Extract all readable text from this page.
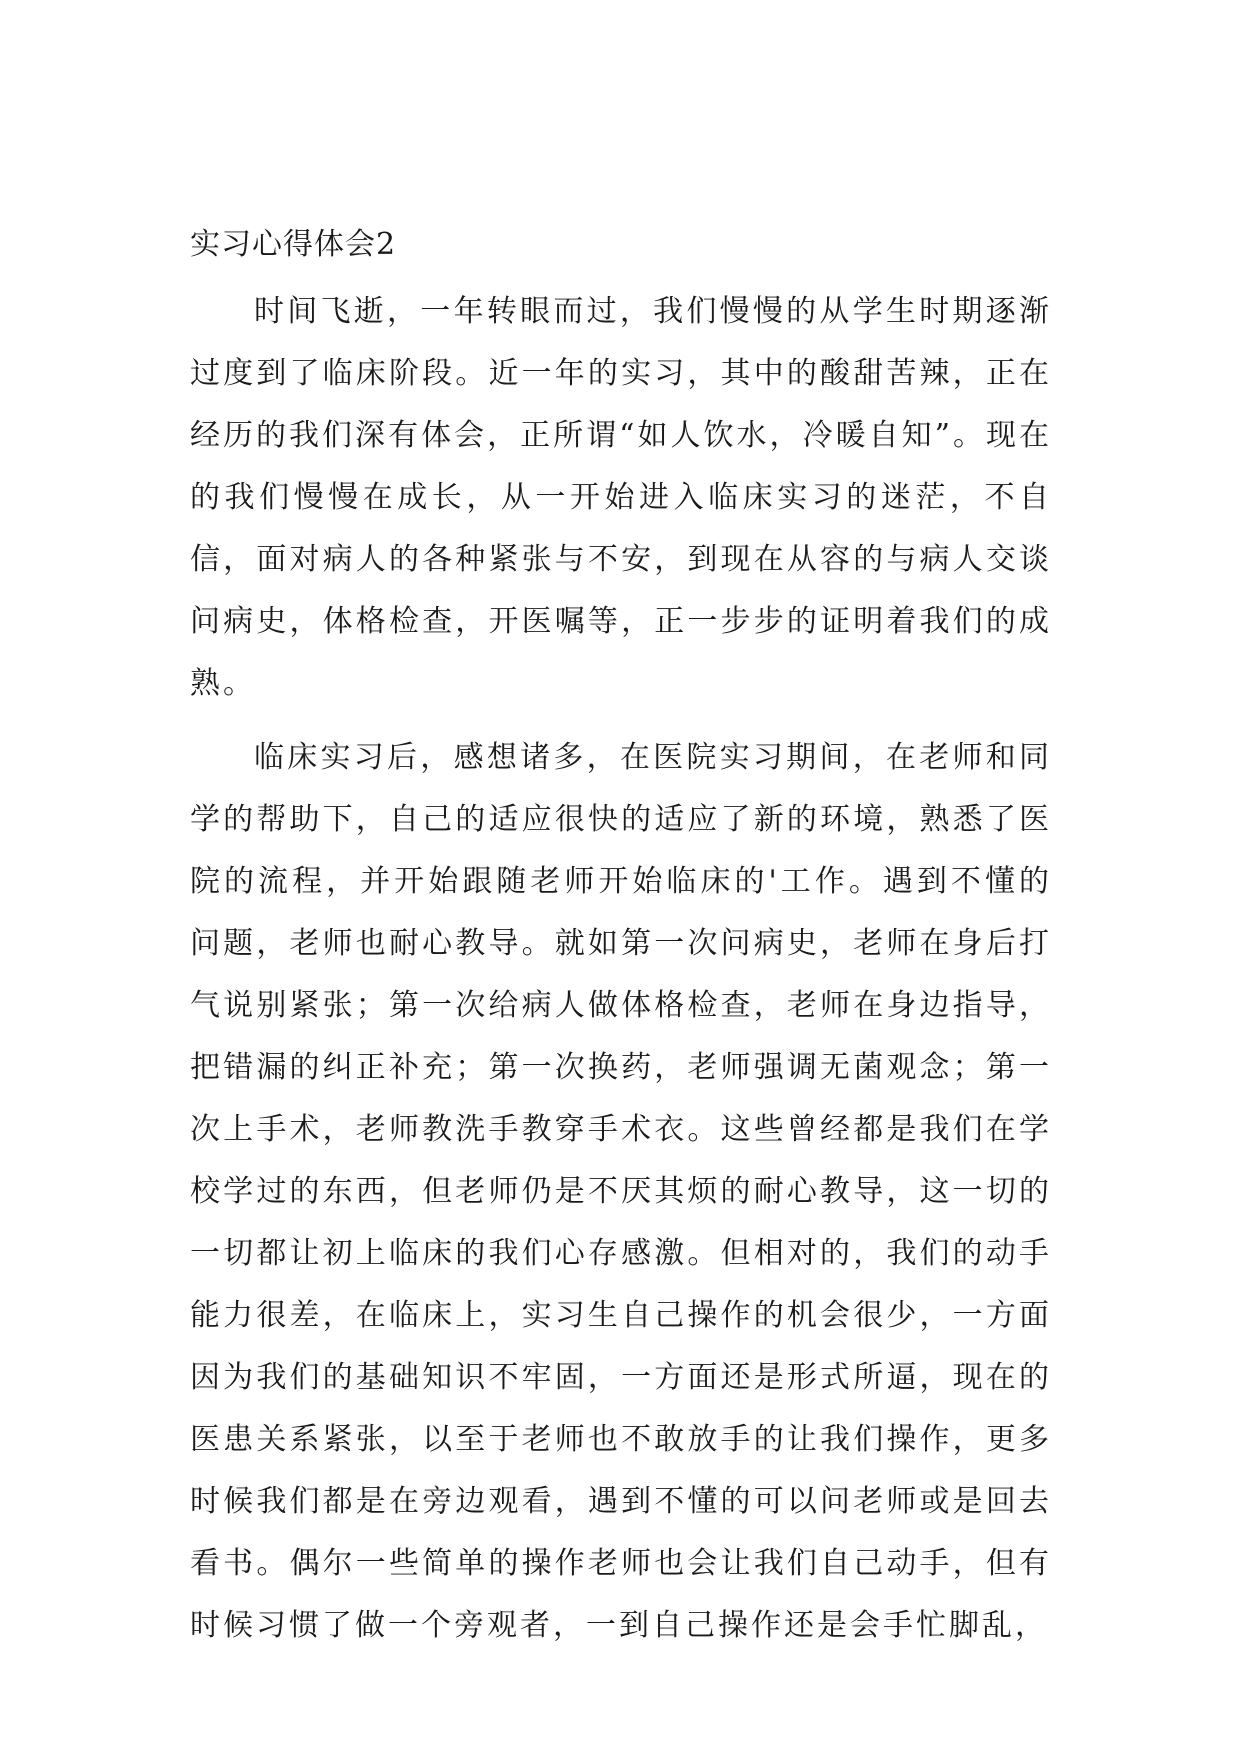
实习心得体会2

时间飞逝，一年转眼而过，我们慢慢的从学生时期逐渐过度到了临床阶段。近一年的实习，其中的酸甜苦辣，正在经历的我们深有体会，正所谓“如人饮水，冷暖自知”。现在的我们慢慢在成长，从一开始进入临床实习的迷茫，不自信，面对病人的各种紧张与不安，到现在从容的与病人交谈问病史，体格检查，开医嘱等，正一步步的证明着我们的成熟。

临床实习后，感想诸多，在医院实习期间，在老师和同学的帮助下，自己的适应很快的适应了新的环境，熟悉了医院的流程，并开始跟随老师开始临床的'工作。遇到不懂的问题，老师也耐心教导。就如第一次问病史，老师在身后打气说别紧张；第一次给病人做体格检查，老师在身边指导，把错漏的纠正补充；第一次换药，老师强调无菌观念；第一次上手术，老师教洗手教穿手术衣。这些曾经都是我们在学校学过的东西，但老师仍是不厌其烦的耐心教导，这一切的一切都让初上临床的我们心存感激。但相对的，我们的动手能力很差，在临床上，实习生自己操作的机会很少，一方面因为我们的基础知识不牢固，一方面还是形式所逼，现在的医患关系紧张，以至于老师也不敢放手的让我们操作，更多时候我们都是在旁边观看，遇到不懂的可以问老师或是回去看书。偶尔一些简单的操作老师也会让我们自己动手，但有时候习惯了做一个旁观者，一到自己操作还是会手忙脚乱，
